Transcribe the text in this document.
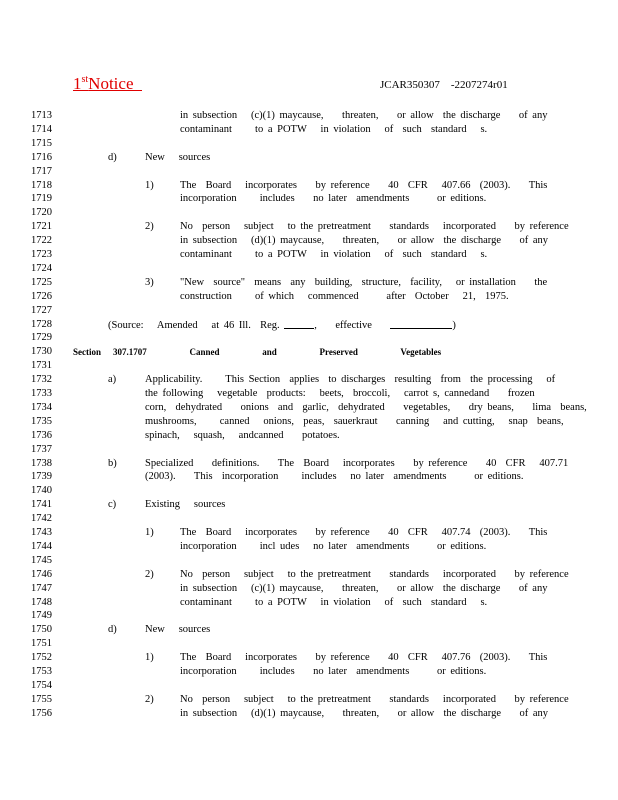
1stNotice	JCAR350307    -2207274r01
1713	in subsection   (c)(1) maycause,    threaten,    or allow  the discharge    of any
1714	contaminant     to a POTW   in violation   of  such  standard   s.
1715
1716	d)	New   sources
1717
1718	1)	The  Board   incorporates    by reference    40  CFR   407.66  (2003).    This
1719	incorporation     includes    no later  amendments      or editions.
1720
1721	2)	No  person   subject   to the pretreatment    standards   incorporated    by reference
1722	in subsection   (d)(1) maycause,    threaten,    or allow  the discharge    of any
1723	contaminant     to a POTW   in violation   of  such  standard   s.
1724
1725	3)	"New  source"  means  any  building,  structure,  facility,   or installation    the
1726	construction     of which   commenced      after  October   21,  1975.
1727
1728	(Source:   Amended   at 46 Ill.  Reg.	,    effective	)
1729
1730 Section 307.1707   Canned   and   Preserved   Vegetables
1731
1732	a)	Applicability.     This Section  applies  to discharges  resulting  from  the processing   of
1733	the following   vegetable  products:   beets,  broccoli,   carrot s, cannedand    frozen
1734	corn,  dehydrated    onions  and  garlic,  dehydrated    vegetables,    dry beans,    lima  beans,
1735	mushrooms,     canned   onions,  peas,  sauerkraut    canning   and cutting,   snap  beans,
1736	spinach,   squash,   andcanned    potatoes.
1737
1738	b)	Specialized    definitions.    The  Board   incorporates    by reference    40  CFR   407.71
1739	(2003).    This  incorporation     includes   no later  amendments      or editions.
1740
1741	c)	Existing   sources
1742
1743	1)	The  Board   incorporates    by reference    40  CFR   407.74  (2003).    This
1744	incorporation     incl udes   no later  amendments      or editions.
1745
1746	2)	No  person   subject   to the pretreatment    standards   incorporated    by reference
1747	in subsection   (c)(1) maycause,    threaten,    or allow  the discharge    of any
1748	contaminant     to a POTW   in violation   of  such  standard   s.
1749
1750	d)	New   sources
1751
1752	1)	The  Board   incorporates    by reference    40  CFR   407.76  (2003).    This
1753	incorporation     includes    no later  amendments      or editions.
1754
1755	2)	No  person   subject   to the pretreatment    standards   incorporated    by reference
1756	in subsection   (d)(1) maycause,    threaten,    or allow  the discharge    of any
